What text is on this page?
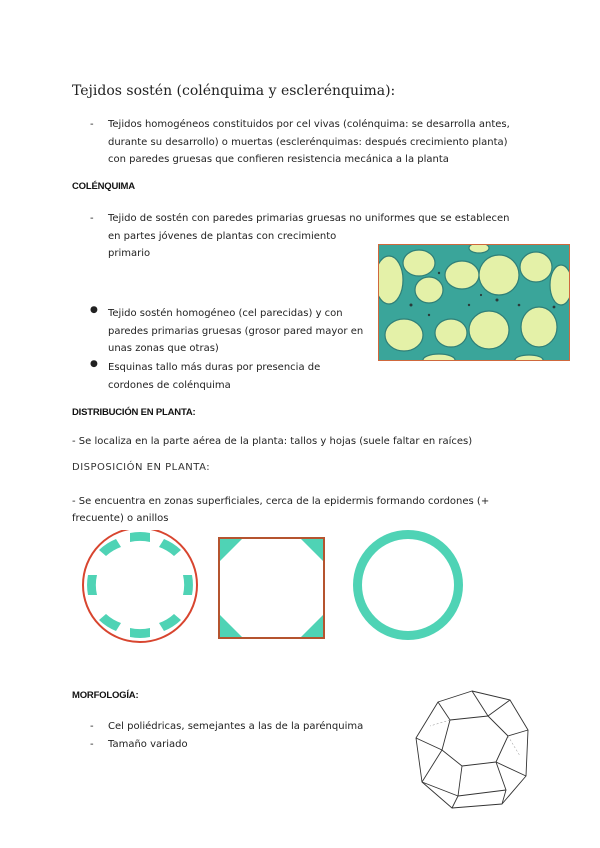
Tejidos sostén (colénquima y esclerénquima):
- Tejidos homogéneos constituidos por cel vivas (colénquima: se desarrolla antes,
durante su desarrollo) o muertas (esclerénquimas: después crecimiento planta)
con paredes gruesas que confieren resistencia mecánica a la planta
COLÉNQUIMA
- Tejido de sostén con paredes primarias gruesas no uniformes que se establecen
en partes jóvenes de plantas con crecimiento
primario
● Tejido sostén homogéneo (cel parecidas) y con
paredes primarias gruesas (grosor pared mayor en
unas zonas que otras)
● Esquinas tallo más duras por presencia de
cordones de colénquima
DISTRIBUCIÓN EN PLANTA:
- Se localiza en la parte aérea de la planta: tallos y hojas (suele faltar en raíces)
DISPOSICIÓN EN PLANTA:
- Se encuentra en zonas superficiales, cerca de la epidermis formando cordones (+
frecuente) o anillos
MORFOLOGÍA:
- Cel poliédricas, semejantes a las de la parénquima
- Tamaño variado
